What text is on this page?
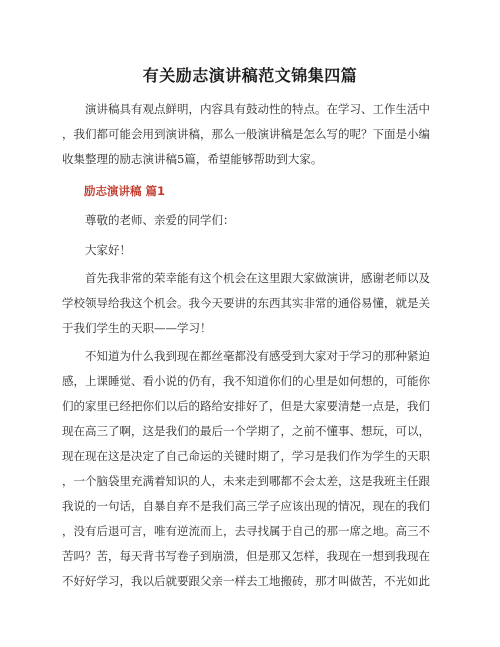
有关励志演讲稿范文锦集四篇
演讲稿具有观点鲜明，内容具有鼓动性的特点。在学习、工作生活中
，我们都可能会用到演讲稿，那么一般演讲稿是怎么写的呢？下面是小编
收集整理的励志演讲稿5篇，希望能够帮助到大家。
励志演讲稿 篇1
尊敬的老师、亲爱的同学们：
大家好！
首先我非常的荣幸能有这个机会在这里跟大家做演讲，感谢老师以及
学校领导给我这个机会。我今天要讲的东西其实非常的通俗易懂，就是关
于我们学生的天职——学习！
不知道为什么我到现在都丝毫都没有感受到大家对于学习的那种紧迫
感，上课睡觉、看小说的仍有，我不知道你们的心里是如何想的，可能你
们的家里已经把你们以后的路给安排好了，但是大家要清楚一点是，我们
现在高三了啊，这是我们的最后一个学期了，之前不懂事、想玩，可以，
现在现在这是决定了自己命运的关键时期了，学习是我们作为学生的天职
，一个脑袋里充满着知识的人，未来走到哪都不会太差，这是我班主任跟
我说的一句话，自暴自弃不是我们高三学子应该出现的情况，现在的我们
，没有后退可言，唯有逆流而上，去寻找属于自己的那一席之地。高三不
苦吗？苦，每天背书写卷子到崩溃，但是那又怎样，我现在一想到我现在
不好好学习，我以后就要跟父亲一样去工地搬砖，那才叫做苦，不光如此
